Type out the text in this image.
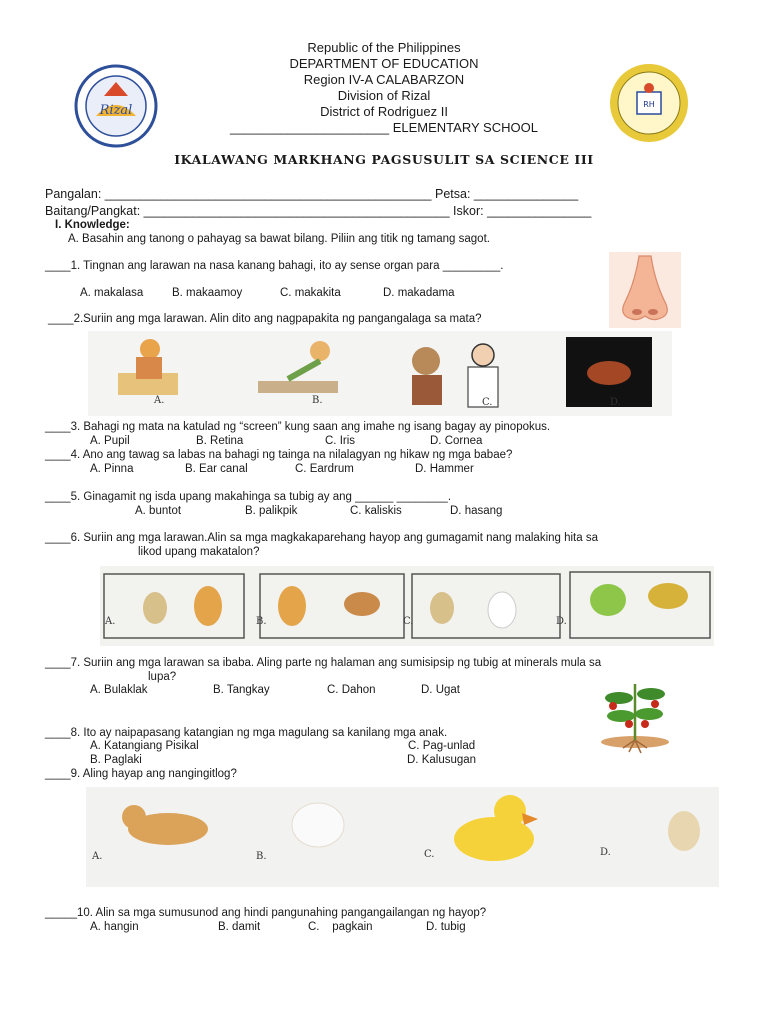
Rizal	RH
Republic of the Philippines
DEPARTMENT OF EDUCATION
Region IV-A CALABARZON
Division of Rizal
District of Rodriguez II
______________________ ELEMENTARY SCHOOL
IKALAWANG MARKHANG PAGSUSULIT SA SCIENCE III
Pangalan: _______________________________________________ Petsa: _______________
Baitang/Pangkat: ____________________________________________ Iskor: _______________
I. Knowledge:
A. Basahin ang tanong o pahayag sa bawat bilang. Piliin ang titik ng tamang sagot.
____1. Tingnan ang larawan na nasa kanang bahagi, ito ay sense organ para _________.
A. makalasa B. makaamoy	C. makakita	D. makadama
____2.Suriin ang mga larawan. Alin dito ang nagpapakita ng pangangalaga sa mata?
A.	B.	C.	D.
____3. Bahagi ng mata na katulad ng “screen” kung saan ang imahe ng isang bagay ay pinopokus.
A. Pupil	B. Retina	C. Iris	D. Cornea
____4. Ano ang tawag sa labas na bahagi ng tainga na nilalagyan ng hikaw ng mga babae?
A. Pinna	B. Ear canal	C. Eardrum	D. Hammer
____5. Ginagamit ng isda upang makahinga sa tubig ay ang ______ ________.
A. buntot	B. palikpik	C. kaliskis	D. hasang
____6. Suriin ang mga larawan.Alin sa mga magkakaparehang hayop ang gumagamit nang malaking hita sa
likod upang makatalon?
A.	B.	C.	D.
____7. Suriin ang mga larawan sa ibaba. Aling parte ng halaman ang sumisipsip ng tubig at minerals mula sa
lupa?
A. Bulaklak	B. Tangkay	C. Dahon	D. Ugat
____8. Ito ay naipapasang katangian ng mga magulang sa kanilang mga anak.
A. Katangiang Pisikal
B. Paglaki
C. Pag-unlad
D. Kalusugan
____9. Aling hayap ang nangingitlog?
A.	B.	C.	D.
_____10. Alin sa mga sumusunod ang hindi pangunahing pangangailangan ng hayop?
A. hangin	B. damit	C.    pagkain	D. tubig
